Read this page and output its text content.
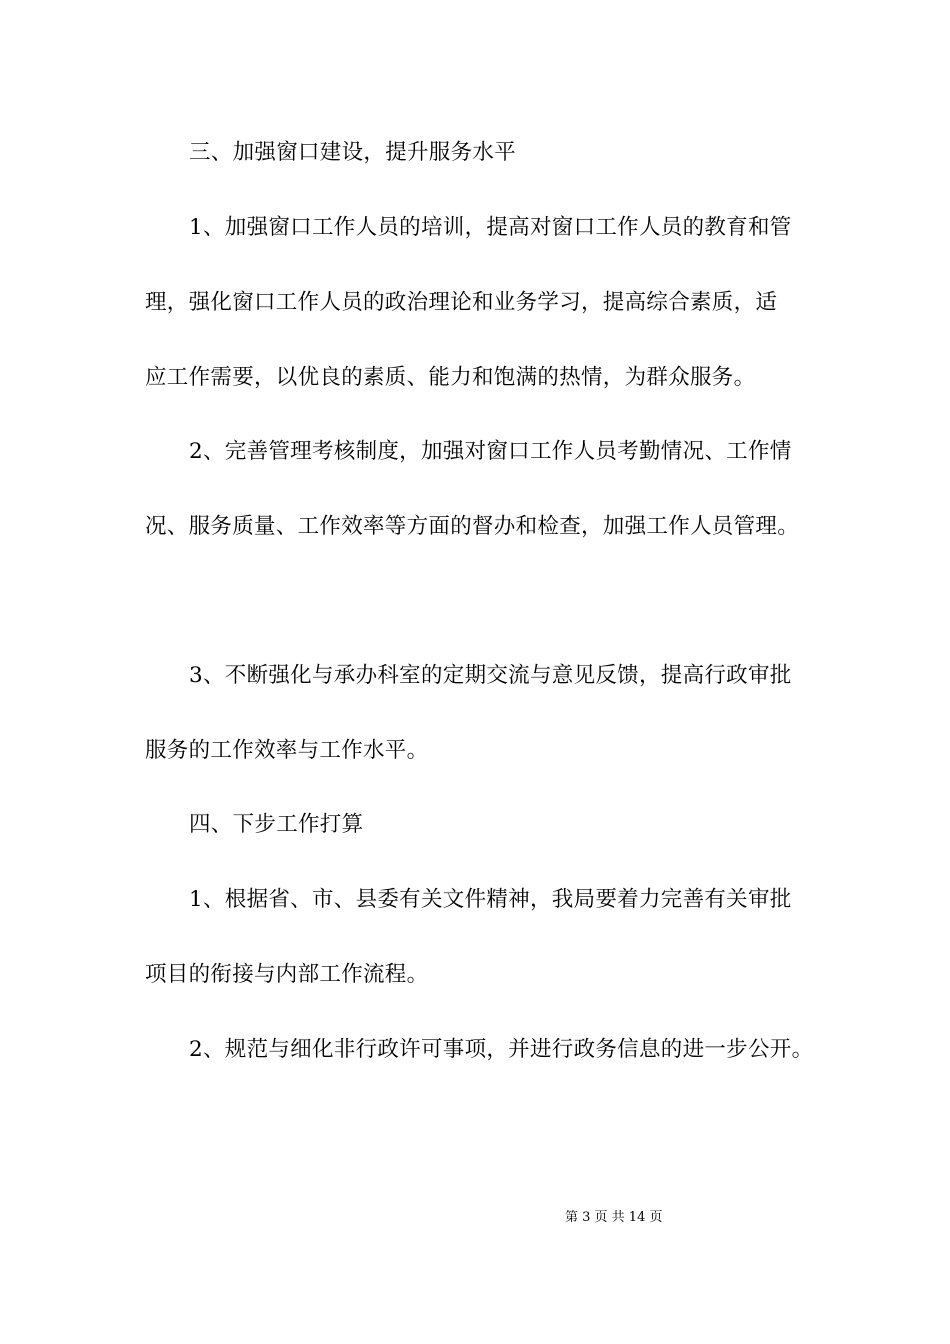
三、加强窗口建设，提升服务水平
1、加强窗口工作人员的培训，提高对窗口工作人员的教育和管
理，强化窗口工作人员的政治理论和业务学习，提高综合素质，适
应工作需要，以优良的素质、能力和饱满的热情，为群众服务。
2、完善管理考核制度，加强对窗口工作人员考勤情况、工作情
况、服务质量、工作效率等方面的督办和检查，加强工作人员管理。
3、不断强化与承办科室的定期交流与意见反馈，提高行政审批
服务的工作效率与工作水平。
四、下步工作打算
1、根据省、市、县委有关文件精神，我局要着力完善有关审批
项目的衔接与内部工作流程。
2、规范与细化非行政许可事项，并进行政务信息的进一步公开。
第 3 页 共 14 页
